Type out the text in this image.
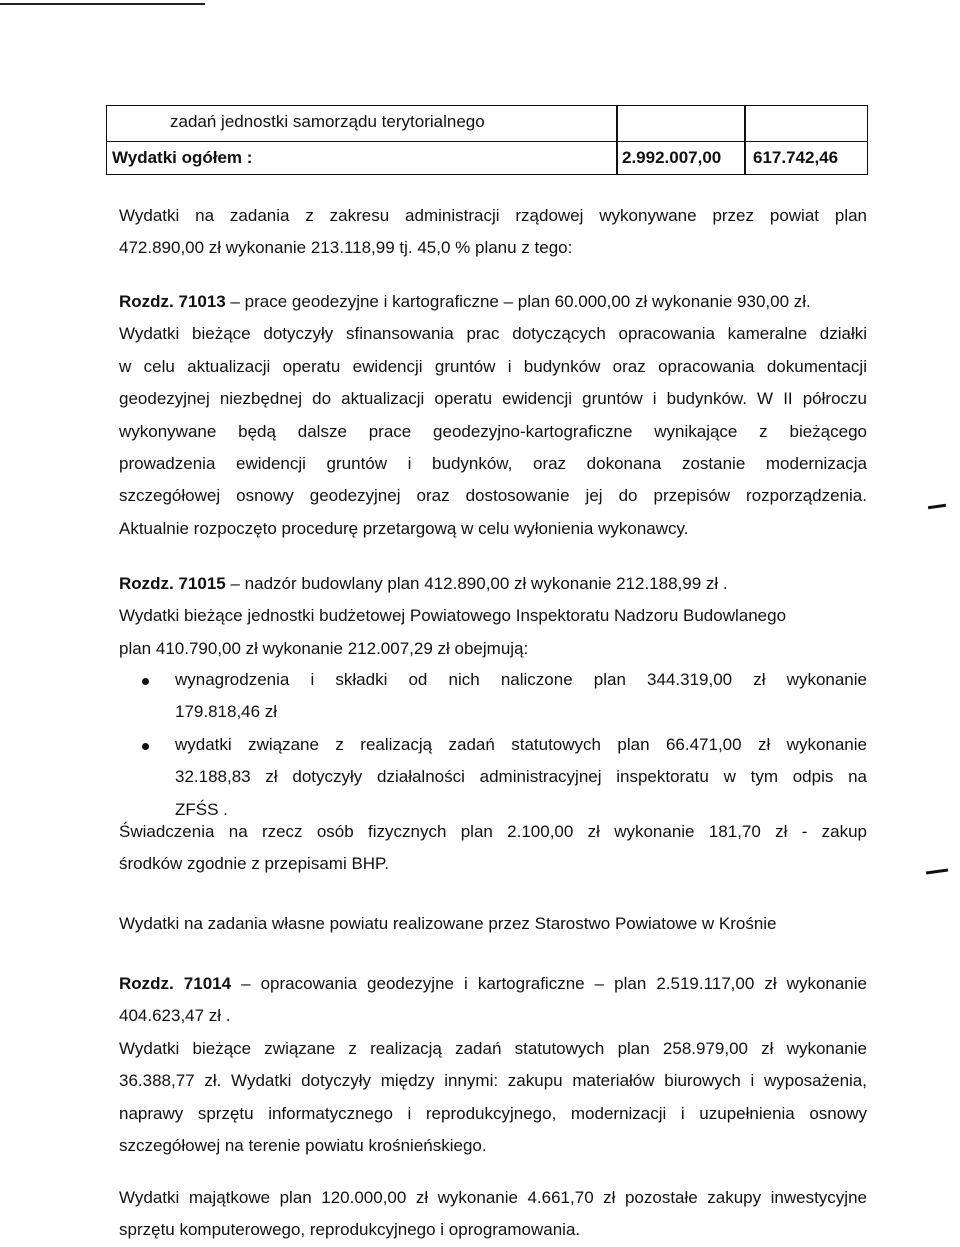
zadań jednostki samorządu terytorialnego
Wydatki ogółem :	2.992.007,00 617.742,46
Wydatki na zadania z zakresu administracji rządowej wykonywane przez powiat plan
472.890,00 zł wykonanie 213.118,99 tj. 45,0 % planu z tego:
Rozdz. 71013 – prace geodezyjne i kartograficzne – plan 60.000,00 zł wykonanie 930,00 zł.
Wydatki bieżące dotyczyły sfinansowania prac dotyczących opracowania kameralne działki
w celu aktualizacji operatu ewidencji gruntów i budynków oraz opracowania dokumentacji
geodezyjnej niezbędnej do aktualizacji operatu ewidencji gruntów i budynków. W II półroczu
wykonywane będą dalsze prace geodezyjno-kartograficzne wynikające z bieżącego
prowadzenia ewidencji gruntów i budynków, oraz dokonana zostanie modernizacja
szczegółowej osnowy geodezyjnej oraz dostosowanie jej do przepisów rozporządzenia.
Aktualnie rozpoczęto procedurę przetargową w celu wyłonienia wykonawcy.
Rozdz. 71015 – nadzór budowlany plan 412.890,00 zł wykonanie 212.188,99 zł .
Wydatki bieżące jednostki budżetowej Powiatowego Inspektoratu Nadzoru Budowlanego
plan 410.790,00 zł wykonanie 212.007,29 zł obejmują:
wynagrodzenia i składki od nich naliczone plan 344.319,00 zł wykonanie
179.818,46 zł
wydatki związane z realizacją zadań statutowych plan 66.471,00 zł wykonanie
32.188,83 zł dotyczyły działalności administracyjnej inspektoratu w tym odpis na
ZFŚS .
Świadczenia na rzecz osób fizycznych plan 2.100,00 zł wykonanie 181,70 zł - zakup
środków zgodnie z przepisami BHP.
Wydatki na zadania własne powiatu realizowane przez Starostwo Powiatowe w Krośnie
Rozdz. 71014 – opracowania geodezyjne i kartograficzne – plan 2.519.117,00 zł wykonanie
404.623,47 zł .
Wydatki bieżące związane z realizacją zadań statutowych plan 258.979,00 zł wykonanie
36.388,77 zł. Wydatki dotyczyły między innymi: zakupu materiałów biurowych i wyposażenia,
naprawy sprzętu informatycznego i reprodukcyjnego, modernizacji i uzupełnienia osnowy
szczegółowej na terenie powiatu krośnieńskiego.
Wydatki majątkowe plan 120.000,00 zł wykonanie 4.661,70 zł pozostałe zakupy inwestycyjne
sprzętu komputerowego, reprodukcyjnego i oprogramowania.
